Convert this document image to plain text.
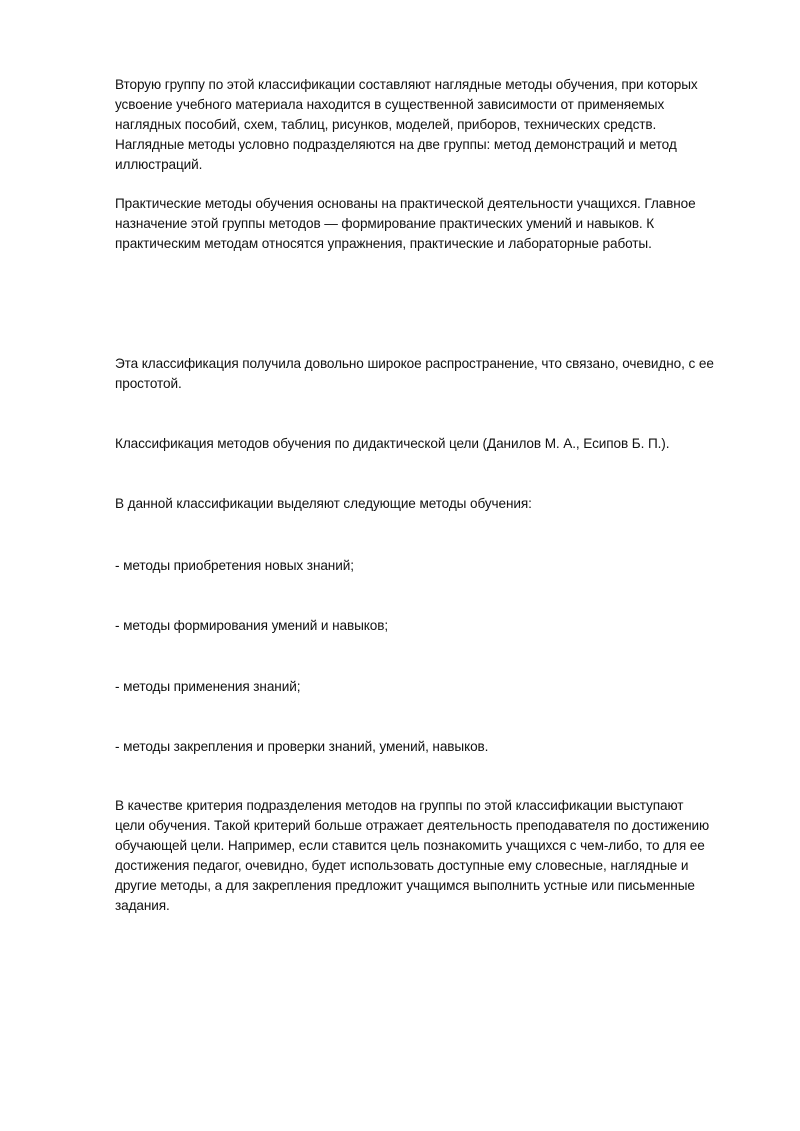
Вторую группу по этой классификации составляют наглядные методы обучения, при которых усвоение учебного материала находится в существенной зависимости от применяемых наглядных пособий, схем, таблиц, рисунков, моделей, приборов, технических средств. Наглядные методы условно подразделяются на две группы: метод демонстраций и метод иллюстраций.

Практические методы обучения основаны на практической деятельности учащихся. Главное назначение этой группы методов — формирование практических умений и навыков. К практическим методам относятся упражнения, практические и лабораторные работы.

Эта классификация получила довольно широкое распространение, что связано, очевидно, с ее простотой.

Классификация методов обучения по дидактической цели (Данилов М. А., Есипов Б. П.).

В данной классификации выделяют следующие методы обучения:

- методы приобретения новых знаний;

- методы формирования умений и навыков;

- методы применения знаний;

- методы закрепления и проверки знаний, умений, навыков.

В качестве критерия подразделения методов на группы по этой классификации выступают цели обучения. Такой критерий больше отражает деятельность преподавателя по достижению обучающей цели. Например, если ставится цель познакомить учащихся с чем-либо, то для ее достижения педагог, очевидно, будет использовать доступные ему словесные, наглядные и другие методы, а для закрепления предложит учащимся выполнить устные или письменные задания.
